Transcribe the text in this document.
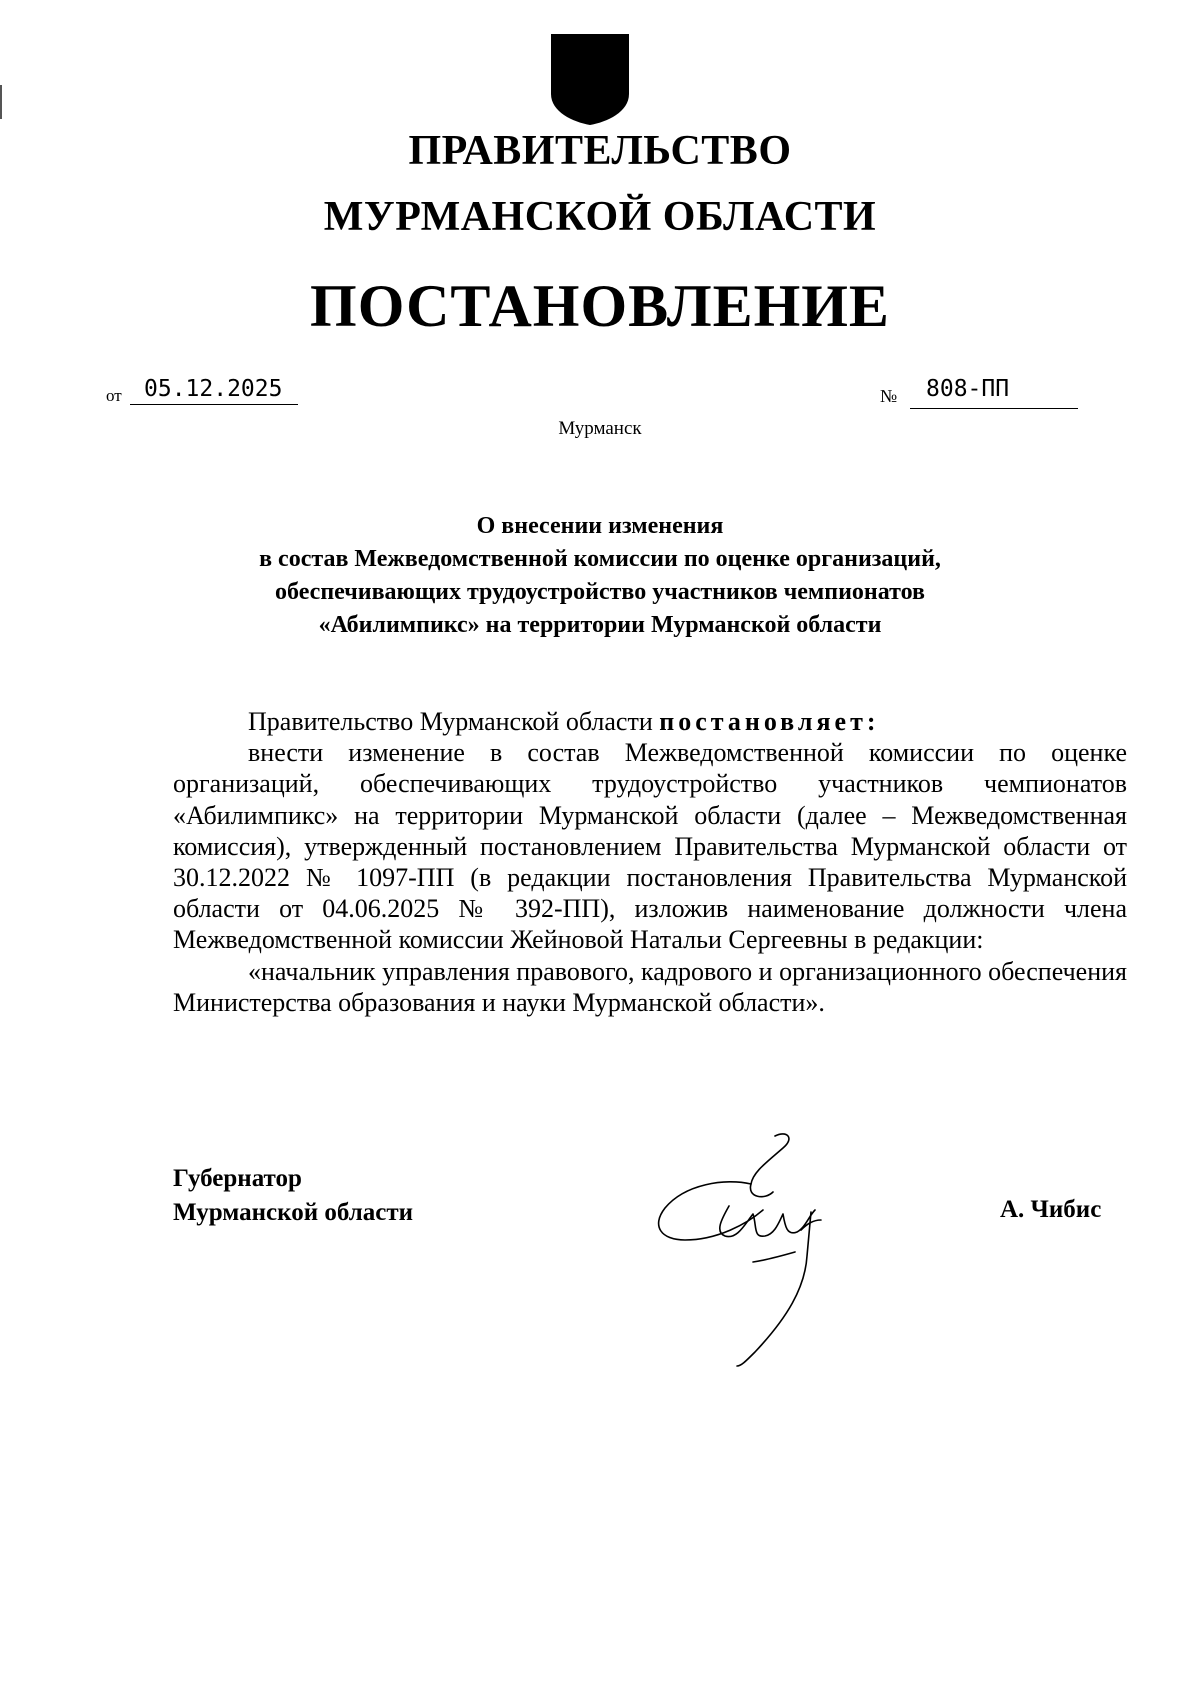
ПРАВИТЕЛЬСТВО
МУРМАНСКОЙ ОБЛАСТИ
ПОСТАНОВЛЕНИЕ
от 05.12.2025	№ 808-ПП
Мурманск
О внесении изменения
в состав Межведомственной комиссии по оценке организаций,
обеспечивающих трудоустройство участников чемпионатов
«Абилимпикс» на территории Мурманской области

Правительство Мурманской области постановляет:

внести изменение в состав Межведомственной комиссии по оценке организаций, обеспечивающих трудоустройство участников чемпионатов «Абилимпикс» на территории Мурманской области (далее – Межведомственная комиссия), утвержденный постановлением Правительства Мурманской области от 30.12.2022 № 1097-ПП (в редакции постановления Правительства Мурманской области от 04.06.2025 № 392-ПП), изложив наименование должности члена Межведомственной комиссии Жейновой Натальи Сергеевны в редакции:

«начальник управления правового, кадрового и организационного обеспечения Министерства образования и науки Мурманской области».

Губернатор
Мурманской области	А. Чибис
